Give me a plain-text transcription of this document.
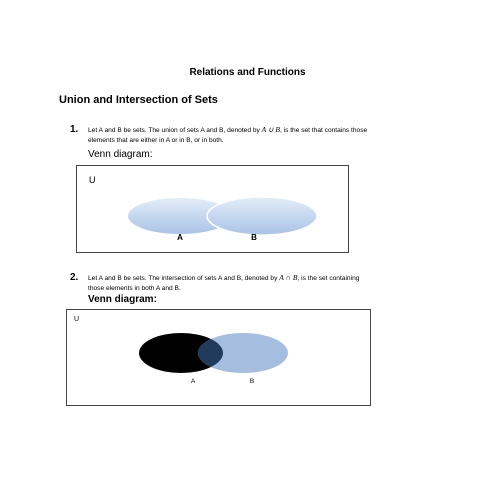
Relations and Functions
Union and Intersection of Sets
1. Let A and B be sets. The union of sets A and B, denoted by A ∪ B, is the set that contains those
elements that are either in A or in B, or in both.
Venn diagram:
U
A	B
2. Let A and B be sets. The intersection of sets A and B, denoted by A ∩ B, is the set containing
those elements in both A and B.
Venn diagram:
U
A	B
